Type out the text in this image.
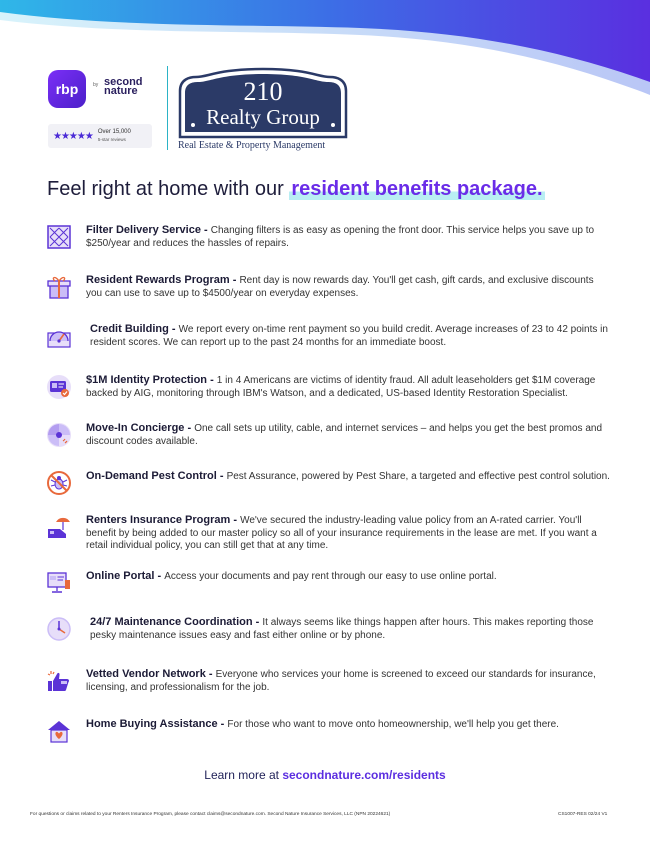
rbp	by second nature
★★★★★ Over 15,000
5-star reviews
210
Realty Group
Real Estate & Property Management
Feel right at home with our resident benefits package.
Filter Delivery Service - Changing filters is as easy as opening the front door. This service helps you save up to $250/year and reduces the hassles of repairs.
Resident Rewards Program - Rent day is now rewards day. You'll get cash, gift cards, and exclusive discounts you can use to save up to $4500/year on everyday expenses.
Credit Building - We report every on-time rent payment so you build credit. Average increases of 23 to 42 points in resident scores. We can report up to the past 24 months for an immediate boost.
$1M Identity Protection - 1 in 4 Americans are victims of identity fraud. All adult leaseholders get $1M coverage backed by AIG, monitoring through IBM's Watson, and a dedicated, US-based Identity Restoration Specialist.
Move-In Concierge - One call sets up utility, cable, and internet services – and helps you get the best promos and discount codes available.
On-Demand Pest Control - Pest Assurance, powered by Pest Share, a targeted and effective pest control solution.
Renters Insurance Program - We've secured the industry-leading value policy from an A-rated carrier. You'll benefit by being added to our master policy so all of your insurance requirements in the lease are met. If you want a retail individual policy, you can still get that at any time.
Online Portal - Access your documents and pay rent through our easy to use online portal.
24/7 Maintenance Coordination - It always seems like things happen after hours. This makes reporting those pesky maintenance issues easy and fast either online or by phone.
Vetted Vendor Network - Everyone who services your home is screened to exceed our standards for insurance, licensing, and professionalism for the job.
Home Buying Assistance - For those who want to move onto homeownership, we'll help you get there.
Learn more at secondnature.com/residents
For questions or claims related to your Renters Insurance Program, please contact claims@secondnature.com. Second Nature Insurance Services, LLC (NPN 20224621)	CS1007-RES 02/24 V1
